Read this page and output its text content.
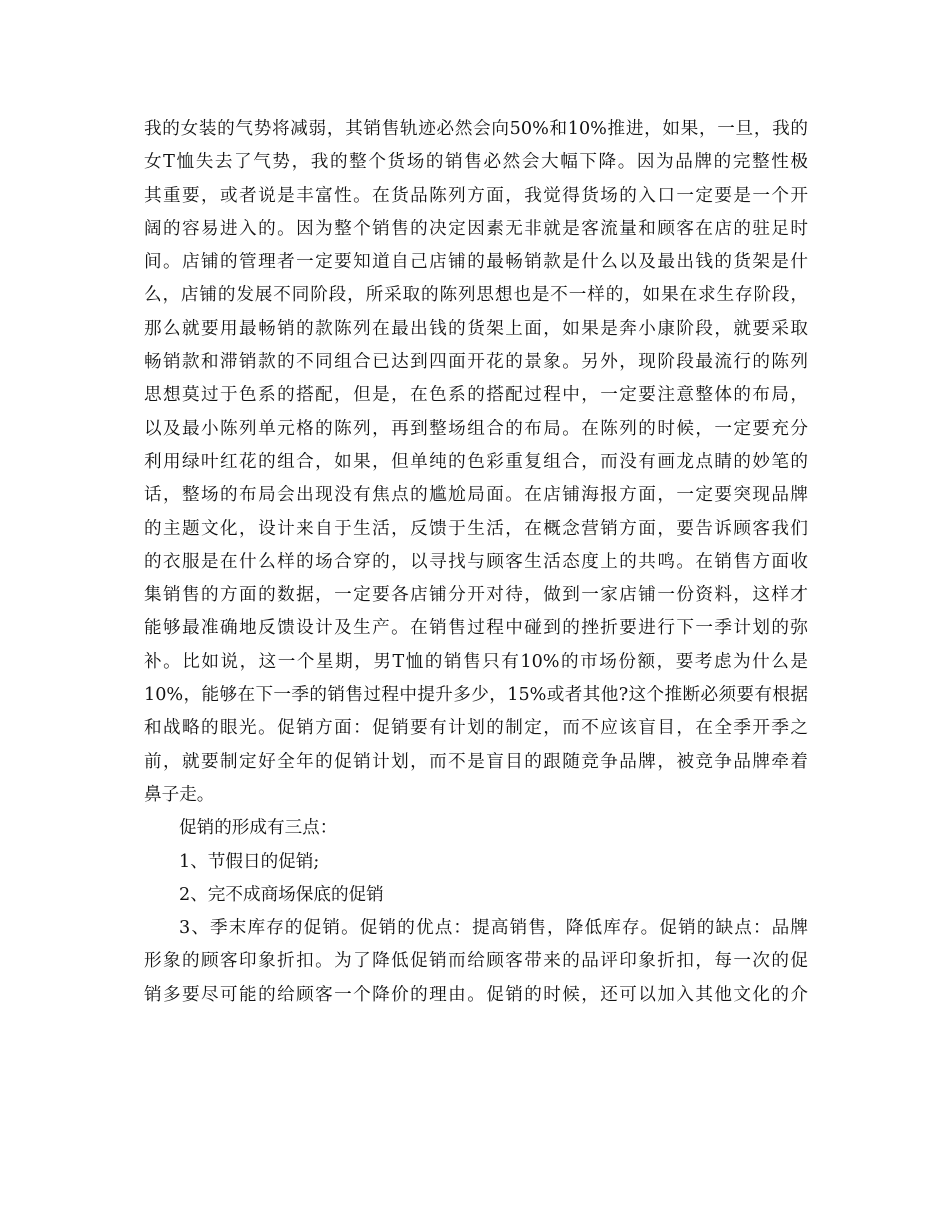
我的女装的气势将减弱，其销售轨迹必然会向50%和10%推进，如果，一旦，我的
女T恤失去了气势，我的整个货场的销售必然会大幅下降。因为品牌的完整性极
其重要，或者说是丰富性。在货品陈列方面，我觉得货场的入口一定要是一个开
阔的容易进入的。因为整个销售的决定因素无非就是客流量和顾客在店的驻足时
间。店铺的管理者一定要知道自己店铺的最畅销款是什么以及最出钱的货架是什
么，店铺的发展不同阶段，所采取的陈列思想也是不一样的，如果在求生存阶段，
那么就要用最畅销的款陈列在最出钱的货架上面，如果是奔小康阶段，就要采取
畅销款和滞销款的不同组合已达到四面开花的景象。另外，现阶段最流行的陈列
思想莫过于色系的搭配，但是，在色系的搭配过程中，一定要注意整体的布局，
以及最小陈列单元格的陈列，再到整场组合的布局。在陈列的时候，一定要充分
利用绿叶红花的组合，如果，但单纯的色彩重复组合，而没有画龙点睛的妙笔的
话，整场的布局会出现没有焦点的尴尬局面。在店铺海报方面，一定要突现品牌
的主题文化，设计来自于生活，反馈于生活，在概念营销方面，要告诉顾客我们
的衣服是在什么样的场合穿的，以寻找与顾客生活态度上的共鸣。在销售方面收
集销售的方面的数据，一定要各店铺分开对待，做到一家店铺一份资料，这样才
能够最准确地反馈设计及生产。在销售过程中碰到的挫折要进行下一季计划的弥
补。比如说，这一个星期，男T恤的销售只有10%的市场份额，要考虑为什么是
10%，能够在下一季的销售过程中提升多少，15%或者其他?这个推断必须要有根据
和战略的眼光。促销方面：促销要有计划的制定，而不应该盲目，在全季开季之
前，就要制定好全年的促销计划，而不是盲目的跟随竞争品牌，被竞争品牌牵着
鼻子走。
促销的形成有三点：
1、节假日的促销;
2、完不成商场保底的促销
3、季末库存的促销。促销的优点：提高销售，降低库存。促销的缺点：品牌
形象的顾客印象折扣。为了降低促销而给顾客带来的品评印象折扣，每一次的促
销多要尽可能的给顾客一个降价的理由。促销的时候，还可以加入其他文化的介
